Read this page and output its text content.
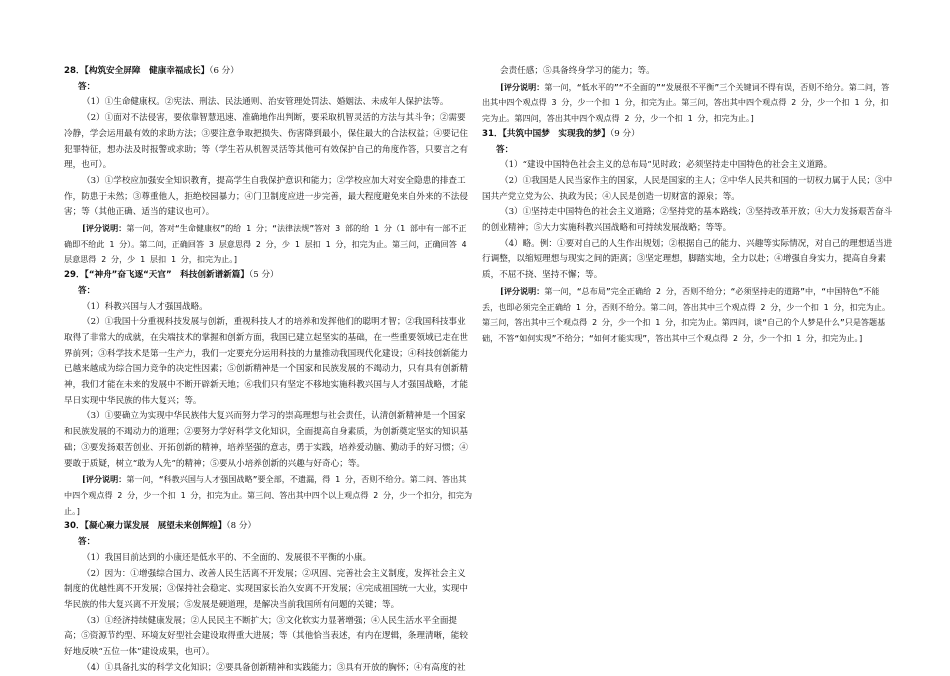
28．【构筑安全屏障　健康幸福成长】（6 分）

答：

（1）①生命健康权。②宪法、刑法、民法通则、治安管理处罚法、婚姻法、未成年人保护法等。

（2）①面对不法侵害，要依靠智慧迅速、准确地作出判断，要采取机智灵活的方法与其斗争；②需要冷静，学会运用最有效的求助方法；③要注意争取把损失、伤害降到最小，保住最大的合法权益；④要记住犯罪特征，想办法及时报警或求助；等（学生若从机智灵活等其他可有效保护自己的角度作答，只要言之有理，也可）。

（3）①学校应加强安全知识教育，提高学生自我保护意识和能力；②学校应加大对安全隐患的排查工作，防患于未然；③尊重他人，拒绝校园暴力；④门卫制度应进一步完善，最大程度避免来自外来的不法侵害；等（其他正确、适当的建议也可）。

[评分说明：第一问，答对“生命健康权”的给 1 分；“法律法规”答对 3 部的给 1 分（1 部中有一部不正确即不给此 1 分）。第二问，正确回答 3 层意思得 2 分，少 1 层扣 1 分，扣完为止。第三问，正确回答 4 层意思得 2 分，少 1 层扣 1 分，扣完为止。]

29．【“神舟”奋飞逐“天宫”　科技创新谱新篇】（5 分）

答：

（1）科教兴国与人才强国战略。

（2）①我国十分重视科技发展与创新，重视科技人才的培养和发挥他们的聪明才智；②我国科技事业取得了非常大的成就，在尖端技术的掌握和创新方面，我国已建立起坚实的基础，在一些重要领域已走在世界前列；③科学技术是第一生产力，我们一定要充分运用科技的力量推动我国现代化建设；④科技创新能力已越来越成为综合国力竞争的决定性因素；⑤创新精神是一个国家和民族发展的不竭动力，只有具有创新精神，我们才能在未来的发展中不断开辟新天地；⑥我们只有坚定不移地实施科教兴国与人才强国战略，才能早日实现中华民族的伟大复兴；等。

（3）①要确立为实现中华民族伟大复兴而努力学习的崇高理想与社会责任，认清创新精神是一个国家和民族发展的不竭动力的道理；②要努力学好科学文化知识，全面提高自身素质，为创新奠定坚实的知识基础；③要发扬艰苦创业、开拓创新的精神，培养坚强的意志，勇于实践，培养爱动脑、勤动手的好习惯；④要敢于质疑，树立“敢为人先”的精神；⑤要从小培养创新的兴趣与好奇心；等。

[评分说明：第一问，“科教兴国与人才强国战略”要全部，不遗漏，得 1 分，否则不给分。第二问、答出其中四个观点得 2 分，少一个扣 1 分，扣完为止。第三问、答出其中四个以上观点得 2 分，少一个扣分，扣完为止。]

30．【凝心聚力谋发展　展望未来创辉煌】（8 分）

答：

（1）我国目前达到的小康还是低水平的、不全面的、发展很不平衡的小康。

（2）因为：①增强综合国力、改善人民生活离不开发展；②巩固、完善社会主义制度，发挥社会主义制度的优越性离不开发展；③保持社会稳定、实现国家长治久安离不开发展；④完成祖国统一大业，实现中华民族的伟大复兴离不开发展；⑤发展是硬道理，是解决当前我国所有问题的关键；等。

（3）①经济持续健康发展；②人民民主不断扩大；③文化软实力显著增强；④人民生活水平全面提高；⑤资源节约型、环境友好型社会建设取得重大进展；等（其他恰当表述，有内在逻辑，条理清晰，能较好地反映“五位一体”建设成果，也可）。

（4）①具备扎实的科学文化知识；②要具备创新精神和实践能力；③具有开放的胸怀；④有高度的社

会责任感；⑤具备终身学习的能力；等。

[评分说明：第一问，“低水平的”“不全面的”“发展很不平衡”三个关键词不得有误，否则不给分。第二问，答出其中四个观点得 3 分，少一个扣 1 分，扣完为止。第三问，答出其中四个观点得 2 分，少一个扣 1 分，扣完为止。第四问，答出其中四个观点得 2 分，少一个扣 1 分，扣完为止。]

31．【共筑中国梦　实现我的梦】（9 分）

答：

（1）“建设中国特色社会主义的总布局”见时政；必须坚持走中国特色的社会主义道路。

（2）①我国是人民当家作主的国家，人民是国家的主人；②中华人民共和国的一切权力属于人民；③中国共产党立党为公、执政为民；④人民是创造一切财富的源泉；等。

（3）①坚持走中国特色的社会主义道路；②坚持党的基本路线；③坚持改革开放；④大力发扬艰苦奋斗的创业精神；⑤大力实施科教兴国战略和可持续发展战略；等等。

（4）略。例：①要对自己的人生作出规划；②根据自己的能力、兴趣等实际情况，对自己的理想适当进行调整，以缩短理想与现实之间的距离；③坚定理想，脚踏实地，全力以赴；④增强自身实力，提高自身素质，不屈不挠、坚持不懈；等。

[评分说明：第一问，“总布局”完全正确给 2 分，否则不给分；“必须坚持走的道路”中，“中国特色”不能丢，也即必须完全正确给 1 分，否则不给分。第二问，答出其中三个观点得 2 分，少一个扣 1 分，扣完为止。第三问，答出其中三个观点得 2 分，少一个扣 1 分，扣完为止。第四问，谈“自己的个人梦是什么”只是答题基础，不答“如何实现”不给分；“如何才能实现”，答出其中三个观点得 2 分，少一个扣 1 分，扣完为止。]
